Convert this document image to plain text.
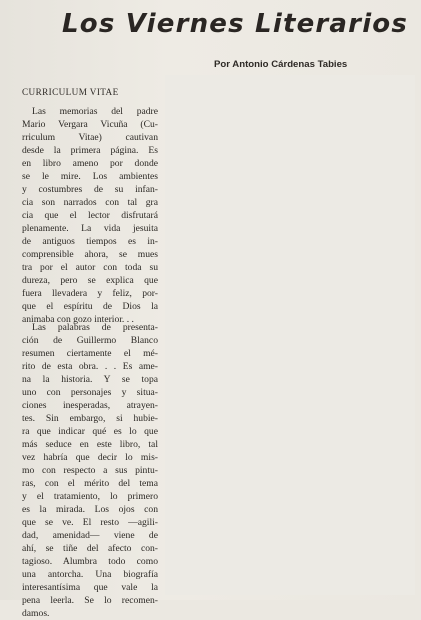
Los Viernes Literarios
Por Antonio Cárdenas Tabies
CURRICULUM VITAE
Las memorias del padre
Mario Vergara Vicuña (Cu-
rriculum Vitae) cautivan
desde la primera página. Es
en libro ameno por donde
se le mire. Los ambientes
y costumbres de su infan-
cia son narrados con tal gra
cia que el lector disfrutará
plenamente. La vida jesuita
de antiguos tiempos es in-
comprensible ahora, se mues
tra por el autor con toda su
dureza, pero se explica que
fuera llevadera y feliz, por-
que el espíritu de Dios la
animaba con gozo interior. . .
Las palabras de presenta-
ción de Guillermo Blanco
resumen ciertamente el mé-
rito de esta obra. . . Es ame-
na la historia. Y se topa
uno con personajes y situa-
ciones inesperadas, atrayen-
tes. Sin embargo, si hubie-
ra que indicar qué es lo que
más seduce en este libro, tal
vez habría que decir lo mis-
mo con respecto a sus pintu-
ras, con el mérito del tema
y el tratamiento, lo primero
es la mirada. Los ojos con
que se ve. El resto —agili-
dad, amenidad— viene de
ahí, se tiñe del afecto con-
tagioso. Alumbra todo como
una antorcha. Una biografía
interesantísima que vale la
pena leerla. Se lo recomen-
damos.
